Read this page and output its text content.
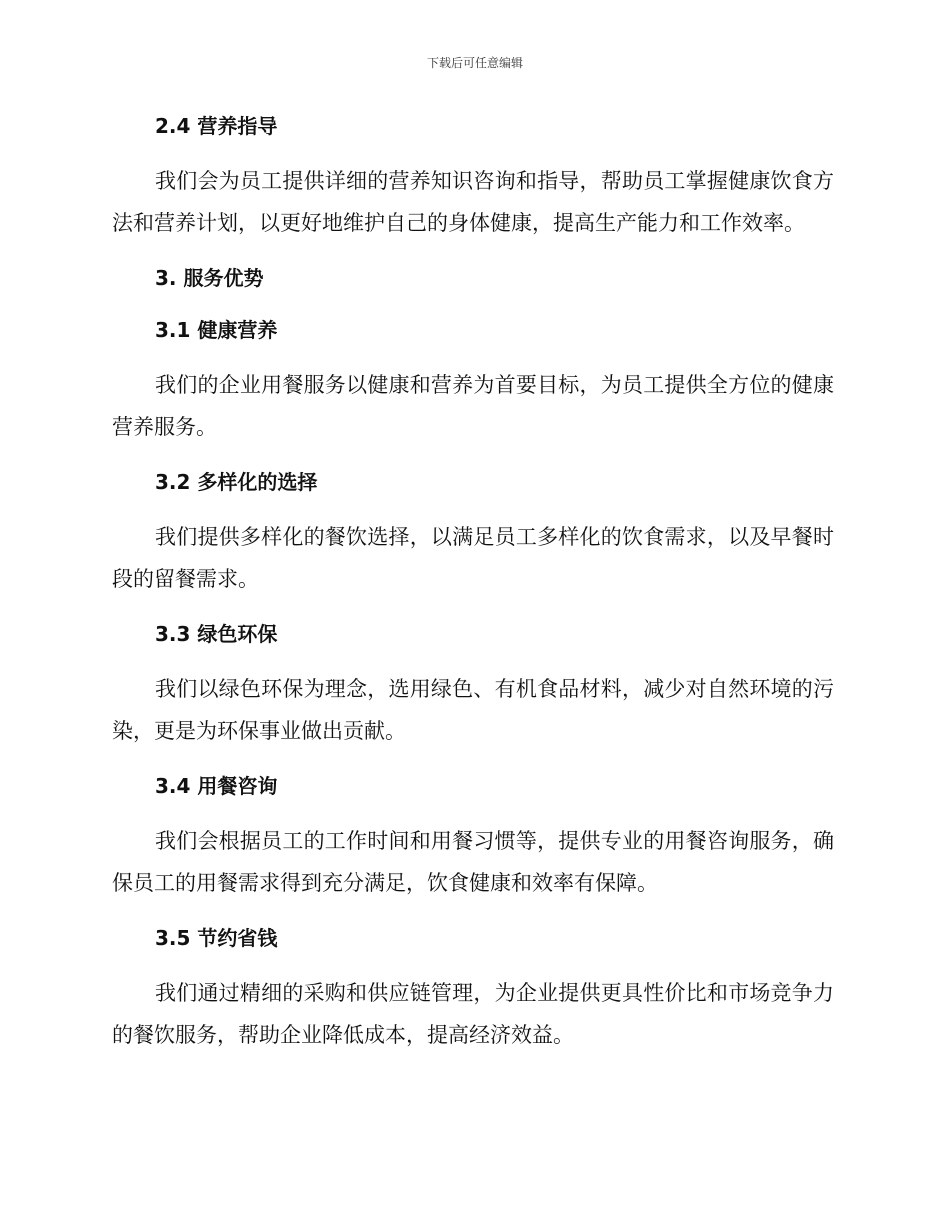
下载后可任意编辑
2.4 营养指导

我们会为员工提供详细的营养知识咨询和指导，帮助员工掌握健康饮食方法和营养计划，以更好地维护自己的身体健康，提高生产能力和工作效率。

3. 服务优势
3.1 健康营养

我们的企业用餐服务以健康和营养为首要目标，为员工提供全方位的健康营养服务。

3.2 多样化的选择

我们提供多样化的餐饮选择，以满足员工多样化的饮食需求，以及早餐时段的留餐需求。

3.3 绿色环保

我们以绿色环保为理念，选用绿色、有机食品材料，减少对自然环境的污染，更是为环保事业做出贡献。

3.4 用餐咨询

我们会根据员工的工作时间和用餐习惯等，提供专业的用餐咨询服务，确保员工的用餐需求得到充分满足，饮食健康和效率有保障。

3.5 节约省钱

我们通过精细的采购和供应链管理，为企业提供更具性价比和市场竞争力的餐饮服务，帮助企业降低成本，提高经济效益。
